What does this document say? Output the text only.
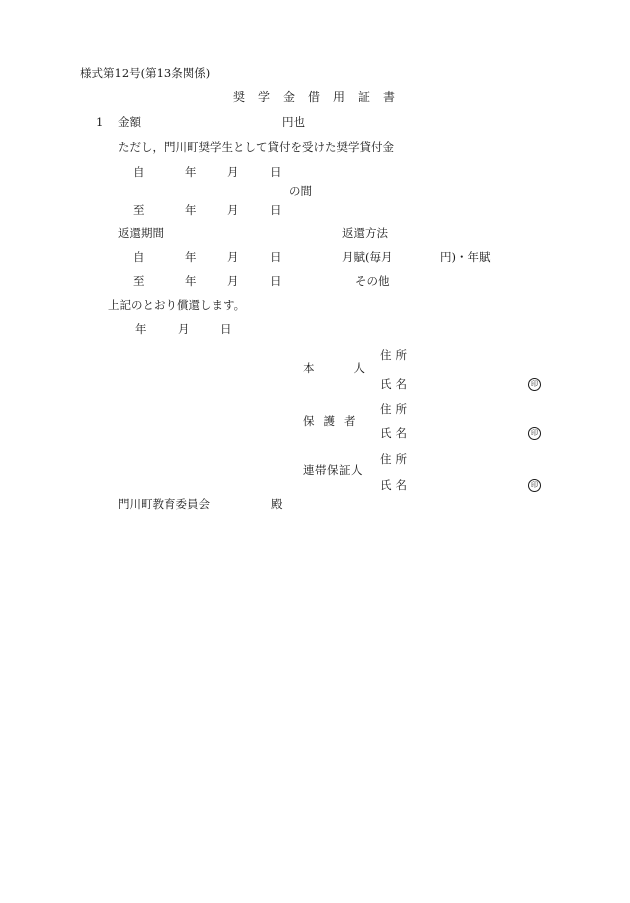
様式第12号(第13条関係)
奨学金借用証書
1 金額	円也
ただし，門川町奨学生として貸付を受けた奨学貸付金
自	年	月	日
の間
至	年	月	日
返還期間	返還方法
自	年	月	日	月賦(毎月	円)・年賦
至	年	月	日	その他
上記のとおり償還します。
年	月	日
住所
本人
氏名	印
住所
保護者
氏名	印
住所
連帯保証人
氏名	印
門川町教育委員会	殿
